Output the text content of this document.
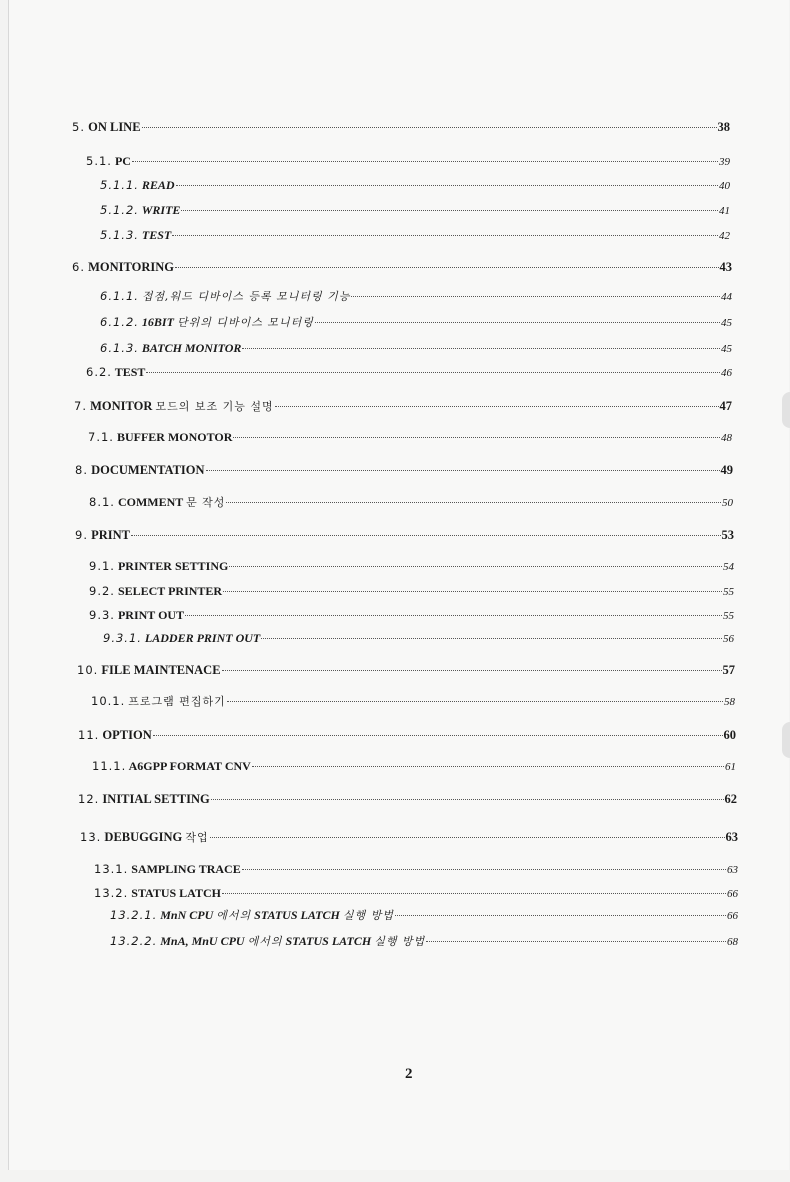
5. ON LINE	38
5.1. PC	39
5.1.1. READ	40
5.1.2. WRITE	41
5.1.3. TEST	42
6. MONITORING	43
6.1.1. 접점,워드 디바이스 등록 모니터링 기능	44
6.1.2. 16BIT 단위의 디바이스 모니터링	45
6.1.3. BATCH MONITOR	45
6.2. TEST	46
7. MONITOR 모드의 보조 기능 설명	47
7.1. BUFFER MONOTOR	48
8. DOCUMENTATION	49
8.1. COMMENT 문 작성	50
9. PRINT	53
9.1. PRINTER SETTING	54
9.2. SELECT PRINTER	55
9.3. PRINT OUT	55
9.3.1. LADDER PRINT OUT	56
10. FILE MAINTENACE	57
10.1. 프로그램 편집하기	58
11. OPTION	60
11.1. A6GPP FORMAT CNV	61
12. INITIAL SETTING	62
13. DEBUGGING 작업	63
13.1. SAMPLING TRACE	63
13.2. STATUS LATCH	66
13.2.1. MnN CPU 에서의 STATUS LATCH 실행 방법	66
13.2.2. MnA, MnU CPU 에서의 STATUS LATCH 실행 방법	68
2
